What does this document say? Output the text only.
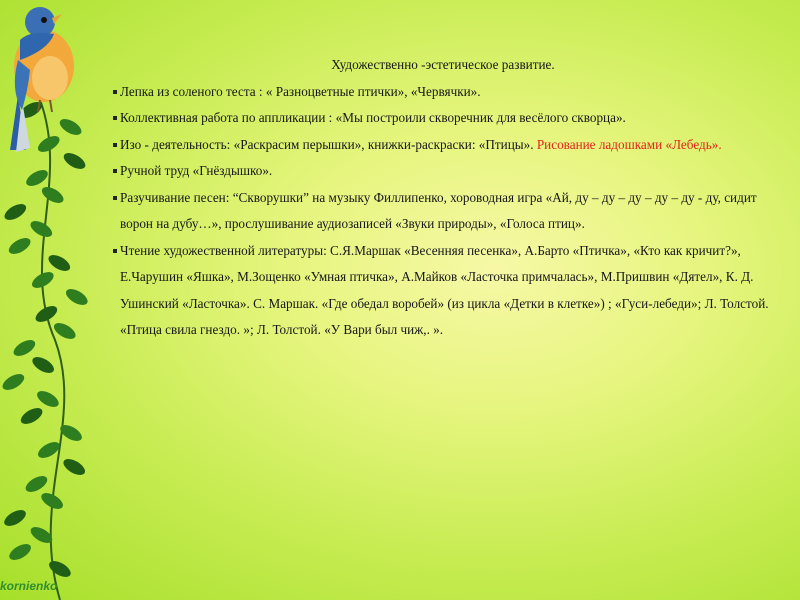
Художественно -эстетическое развитие.
Лепка из соленого теста : « Разноцветные птички», «Червячки».
Коллективная работа по аппликации : «Мы построили скворечник для весёлого скворца».
Изо - деятельность: «Раскрасим перышки», книжки-раскраски: «Птицы». Рисование ладошками «Лебедь».
Ручной труд «Гнёздышко».
Разучивание песен: “Скворушки” на музыку Филлипенко, хороводная игра «Ай, ду – ду – ду – ду – ду - ду, сидит ворон на дубу…», прослушивание аудиозаписей «Звуки природы», «Голоса птиц».
Чтение художественной литературы: С.Я.Маршак «Весенняя песенка», А.Барто «Птичка», «Кто как кричит?», Е.Чарушин «Яшка», М.Зощенко «Умная птичка», А.Майков «Ласточка примчалась», М.Пришвин «Дятел», К. Д. Ушинский «Ласточка». С. Маршак. «Где обедал воробей» (из цикла «Детки в клетке») ; «Гуси-лебеди»; Л. Толстой. «Птица свила гнездо. »; Л. Толстой. «У Вари был чиж,. ».
kornienko
